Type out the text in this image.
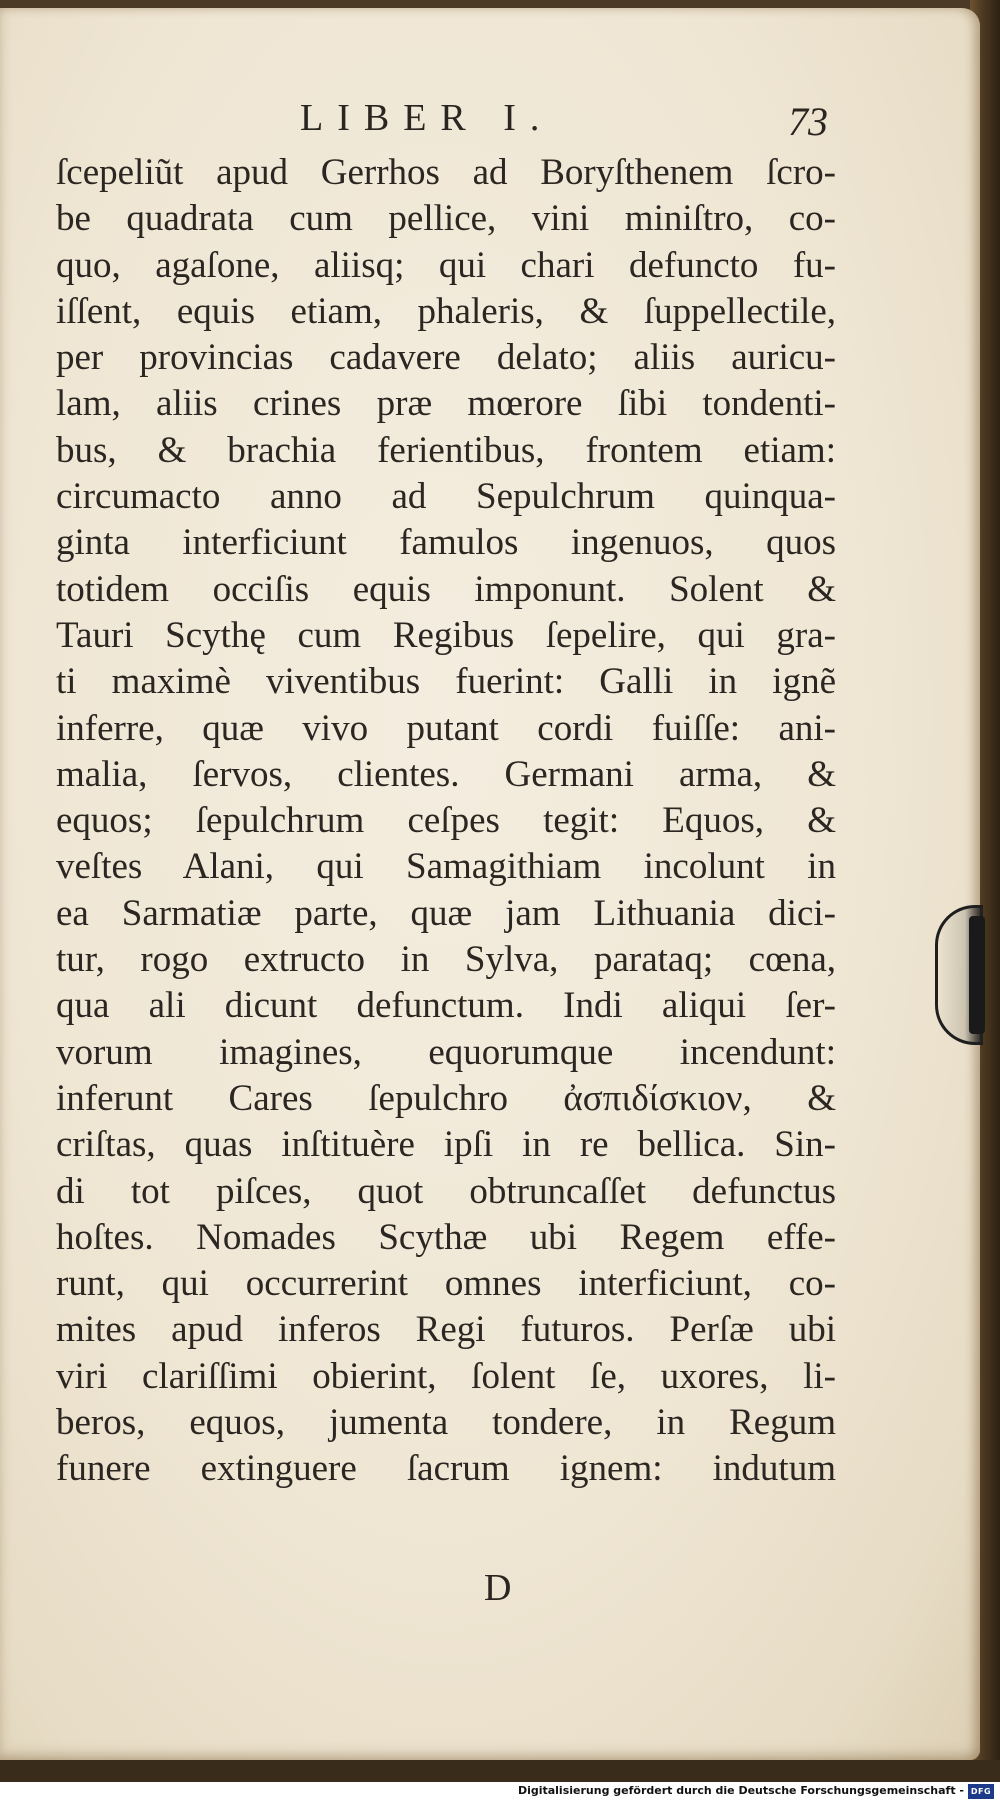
LIBER I.	73
ſcepeliũt apud Gerrhos ad Boryſthenem ſcro-
be quadrata cum pellice, vini miniſtro, co-
quo, agaſone, aliisq; qui chari defuncto fu-
iſſent, equis etiam, phaleris, & ſuppellectile,
per provincias cadavere delato; aliis auricu-
lam, aliis crines præ mœrore ſibi tondenti-
bus, & brachia ferientibus, frontem etiam:
circumacto anno ad Sepulchrum quinqua-
ginta interficiunt famulos ingenuos, quos
totidem occiſis equis imponunt. Solent &
Tauri Scythę cum Regibus ſepelire, qui gra-
ti maximè viventibus fuerint: Galli in ignẽ
inferre, quæ vivo putant cordi fuiſſe: ani-
malia, ſervos, clientes. Germani arma, &
equos; ſepulchrum ceſpes tegit: Equos, &
veſtes Alani, qui Samagithiam incolunt in
ea Sarmatiæ parte, quæ jam Lithuania dici-
tur, rogo extructo in Sylva, parataq; cœna,
qua ali dicunt defunctum. Indi aliqui ſer-
vorum imagines, equorumque incendunt:
inferunt Cares ſepulchro ἀσπιδίσκιον, &
criſtas, quas inſtituère ipſi in re bellica. Sin-
di tot piſces, quot obtruncaſſet defunctus
hoſtes. Nomades Scythæ ubi Regem effe-
runt, qui occurrerint omnes interficiunt, co-
mites apud inferos Regi futuros. Perſæ ubi
viri clariſſimi obierint, ſolent ſe, uxores, li-
beros, equos, jumenta tondere, in Regum
funere extinguere ſacrum ignem: indutum
D
Digitalisierung gefördert durch die Deutsche Forschungsgemeinschaft - DFG
